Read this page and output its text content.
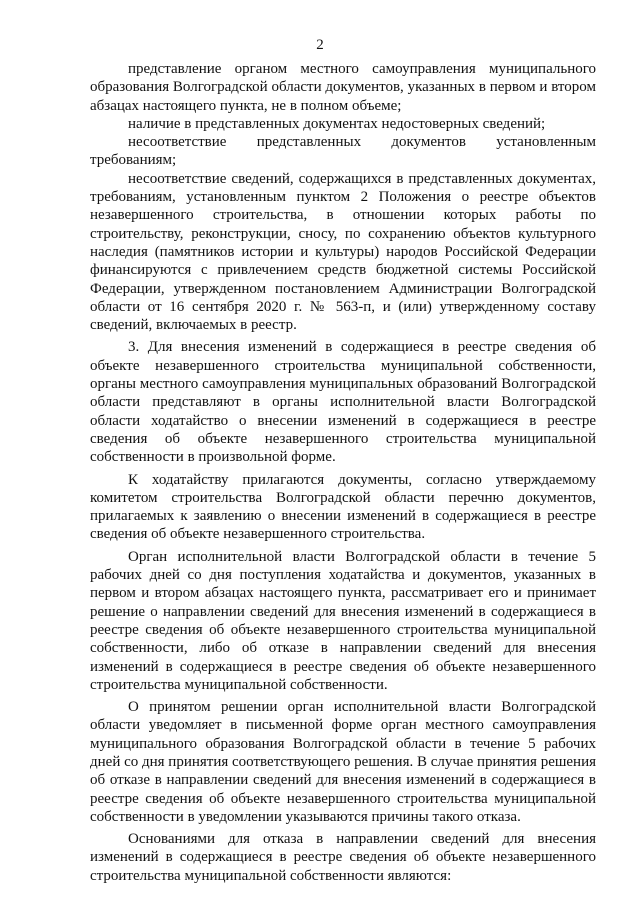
2

представление органом местного самоуправления муниципального образования Волгоградской области документов, указанных в первом и втором абзацах настоящего пункта, не в полном объеме;

наличие в представленных документах недостоверных сведений;

несоответствие представленных документов установленным требованиям;

несоответствие сведений, содержащихся в представленных документах, требованиям, установленным пунктом 2 Положения о реестре объектов незавершенного строительства, в отношении которых работы по строительству, реконструкции, сносу, по сохранению объектов культурного наследия (памятников истории и культуры) народов Российской Федерации финансируются с привлечением средств бюджетной системы Российской Федерации, утвержденном постановлением Администрации Волгоградской области от 16 сентября 2020 г. № 563-п, и (или) утвержденному составу сведений, включаемых в реестр.

3. Для внесения изменений в содержащиеся в реестре сведения об объекте незавершенного строительства муниципальной собственности, органы местного самоуправления муниципальных образований Волгоградской области представляют в органы исполнительной власти Волгоградской области ходатайство о внесении изменений в содержащиеся в реестре сведения об объекте незавершенного строительства муниципальной собственности в произвольной форме.

К ходатайству прилагаются документы, согласно утверждаемому комитетом строительства Волгоградской области перечню документов, прилагаемых к заявлению о внесении изменений в содержащиеся в реестре сведения об объекте незавершенного строительства.

Орган исполнительной власти Волгоградской области в течение 5 рабочих дней со дня поступления ходатайства и документов, указанных в первом и втором абзацах настоящего пункта, рассматривает его и принимает решение о направлении сведений для внесения изменений в содержащиеся в реестре сведения об объекте незавершенного строительства муниципальной собственности, либо об отказе в направлении сведений для внесения изменений в содержащиеся в реестре сведения об объекте незавершенного строительства муниципальной собственности.

О принятом решении орган исполнительной власти Волгоградской области уведомляет в письменной форме орган местного самоуправления муниципального образования Волгоградской области в течение 5 рабочих дней со дня принятия соответствующего решения. В случае принятия решения об отказе в направлении сведений для внесения изменений в содержащиеся в реестре сведения об объекте незавершенного строительства муниципальной собственности в уведомлении указываются причины такого отказа.

Основаниями для отказа в направлении сведений для внесения изменений в содержащиеся в реестре сведения об объекте незавершенного строительства муниципальной собственности являются:
